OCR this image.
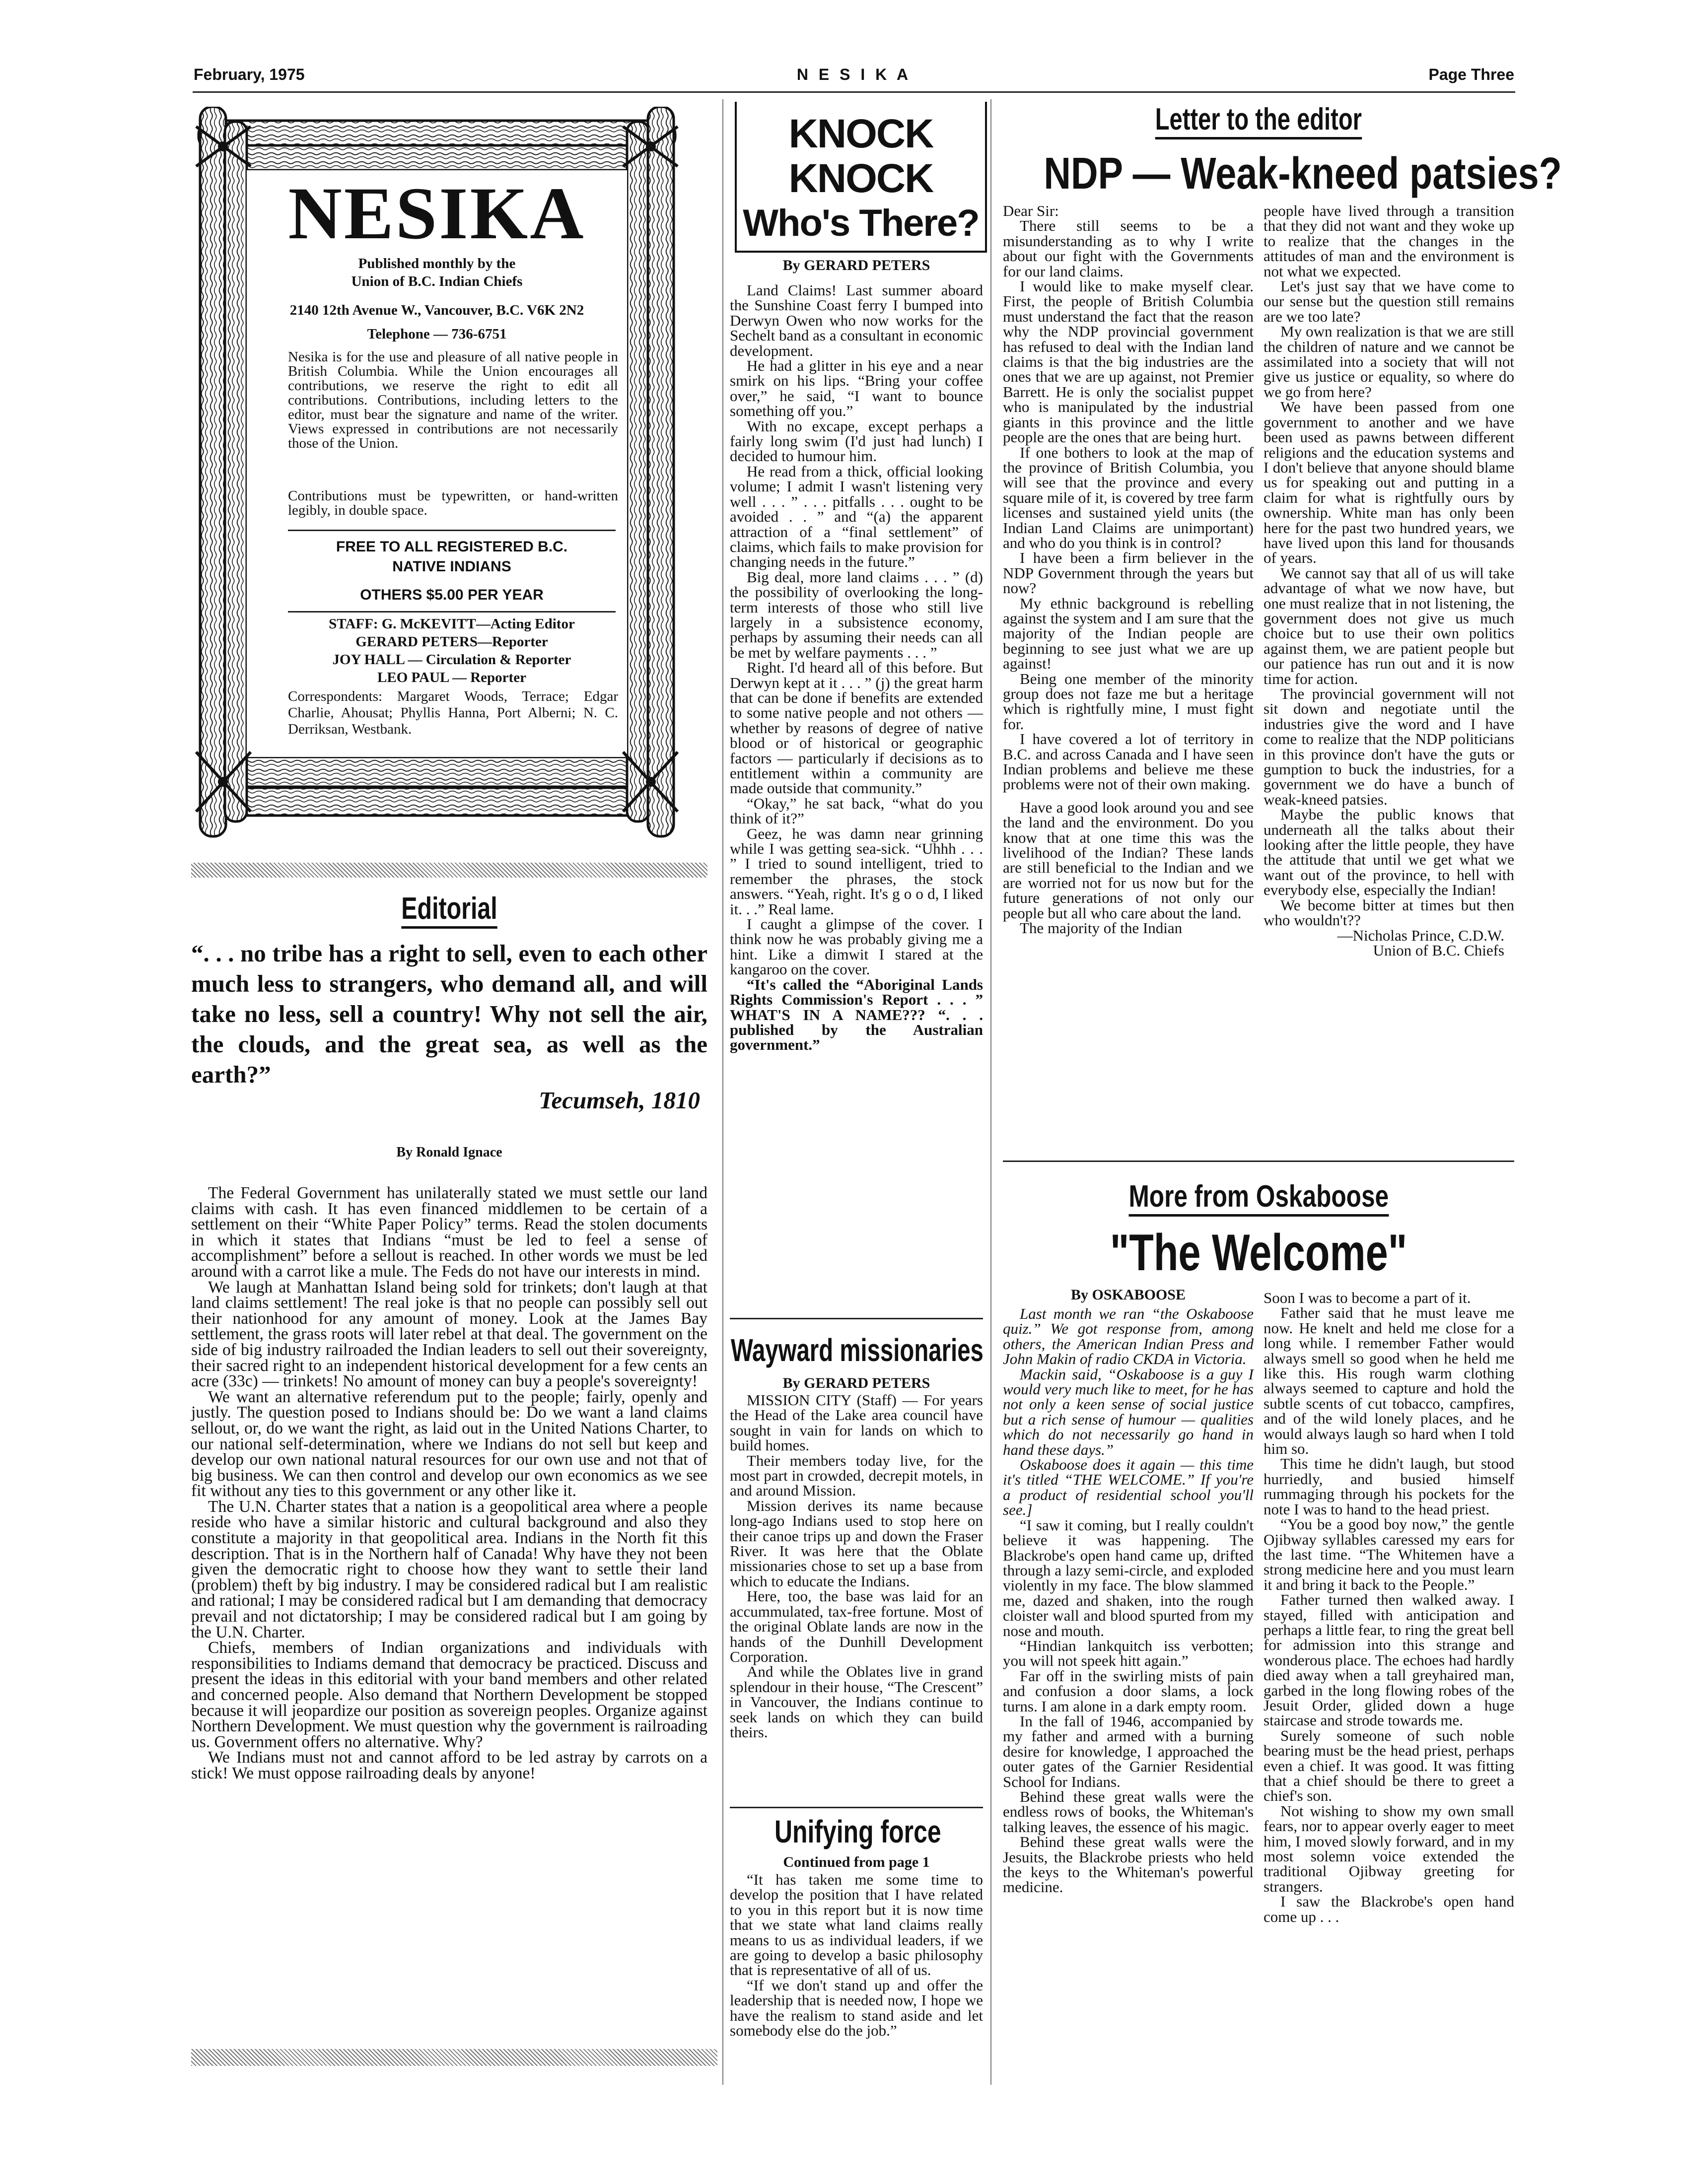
February, 1975	N E S I K A	Page Three
NESIKA
Published monthly by the
Union of B.C. Indian Chiefs
2140 12th Avenue W., Vancouver, B.C. V6K 2N2
Telephone — 736-6751
Nesika is for the use and pleasure of all native people in British Columbia. While the Union encourages all contributions, we reserve the right to edit all contributions. Contributions, including letters to the editor, must bear the signature and name of the writer. Views expressed in contributions are not necessarily those of the Union.
Contributions must be typewritten, or hand-written legibly, in double space.
FREE TO ALL REGISTERED B.C.
NATIVE INDIANS
OTHERS $5.00 PER YEAR
STAFF: G. McKEVITT—Acting Editor
GERARD PETERS—Reporter
JOY HALL — Circulation & Reporter
LEO PAUL — Reporter
Correspondents: Margaret Woods, Terrace; Edgar Charlie, Ahousat; Phyllis Hanna, Port Alberni; N. C. Derriksan, Westbank.
Editorial
“. . . no tribe has a right to sell, even to each other much less to strangers, who demand all, and will take no less, sell a country! Why not sell the air, the clouds, and the great sea, as well as the earth?”
Tecumseh, 1810
By Ronald Ignace

The Federal Government has unilaterally stated we must settle our land claims with cash. It has even financed middlemen to be certain of a settlement on their “White Paper Policy” terms. Read the stolen documents in which it states that Indians “must be led to feel a sense of accomplishment” before a sellout is reached. In other words we must be led around with a carrot like a mule. The Feds do not have our interests in mind.

We laugh at Manhattan Island being sold for trinkets; don't laugh at that land claims settlement! The real joke is that no people can possibly sell out their nationhood for any amount of money. Look at the James Bay settlement, the grass roots will later rebel at that deal. The government on the side of big industry railroaded the Indian leaders to sell out their sovereignty, their sacred right to an independent historical development for a few cents an acre (33c) — trinkets! No amount of money can buy a people's sovereignty!

We want an alternative referendum put to the people; fairly, openly and justly. The question posed to Indians should be: Do we want a land claims sellout, or, do we want the right, as laid out in the United Nations Charter, to our national self-determination, where we Indians do not sell but keep and develop our own national natural resources for our own use and not that of big business. We can then control and develop our own economics as we see fit without any ties to this government or any other like it.

The U.N. Charter states that a nation is a geopolitical area where a people reside who have a similar historic and cultural background and also they constitute a majority in that geopolitical area. Indians in the North fit this description. That is in the Northern half of Canada! Why have they not been given the democratic right to choose how they want to settle their land (problem) theft by big industry. I may be considered radical but I am realistic and rational; I may be considered radical but I am demanding that democracy prevail and not dictatorship; I may be considered radical but I am going by the U.N. Charter.

Chiefs, members of Indian organizations and individuals with responsibilities to Indiams demand that democracy be practiced. Discuss and present the ideas in this editorial with your band members and other related and concerned people. Also demand that Northern Development be stopped because it will jeopardize our position as sovereign peoples. Organize against Northern Development. We must question why the government is railroading us. Government offers no alternative. Why?

We Indians must not and cannot afford to be led astray by carrots on a stick! We must oppose railroading deals by anyone!

KNOCK
KNOCK
Who's There?
By GERARD PETERS

Land Claims! Last summer aboard the Sunshine Coast ferry I bumped into Derwyn Owen who now works for the Sechelt band as a consultant in economic development.

He had a glitter in his eye and a near smirk on his lips. “Bring your coffee over,” he said, “I want to bounce something off you.”

With no excape, except perhaps a fairly long swim (I'd just had lunch) I decided to humour him.

He read from a thick, official looking volume; I admit I wasn't listening very well . . . ” . . . pitfalls . . . ought to be avoided . . ” and “(a) the apparent attraction of a “final settlement” of claims, which fails to make provision for changing needs in the future.”

Big deal, more land claims . . . ” (d) the possibility of overlooking the long-term interests of those who still live largely in a subsistence economy, perhaps by assuming their needs can all be met by welfare payments . . . ”

Right. I'd heard all of this before. But Derwyn kept at it . . . ” (j) the great harm that can be done if benefits are extended to some native people and not others — whether by reasons of degree of native blood or of historical or geographic factors — particularly if decisions as to entitlement within a community are made outside that community.”

“Okay,” he sat back, “what do you think of it?”

Geez, he was damn near grinning while I was getting sea-sick. “Uhhh . . . ” I tried to sound intelligent, tried to remember the phrases, the stock answers. “Yeah, right. It's g o o d, I liked it. . .” Real lame.

I caught a glimpse of the cover. I think now he was probably giving me a hint. Like a dimwit I stared at the kangaroo on the cover.

“It's called the “Aboriginal Lands Rights Commission's Report . . . ” WHAT'S IN A NAME??? “. . . published by the Australian government.”

Wayward missionaries
By GERARD PETERS

MISSION CITY (Staff) — For years the Head of the Lake area council have sought in vain for lands on which to build homes.

Their members today live, for the most part in crowded, decrepit motels, in and around Mission.

Mission derives its name because long-ago Indians used to stop here on their canoe trips up and down the Fraser River. It was here that the Oblate missionaries chose to set up a base from which to educate the Indians.

Here, too, the base was laid for an accummulated, tax-free fortune. Most of the original Oblate lands are now in the hands of the Dunhill Development Corporation.

And while the Oblates live in grand splendour in their house, “The Crescent” in Vancouver, the Indians continue to seek lands on which they can build theirs.

Unifying force
Continued from page 1

“It has taken me some time to develop the position that I have related to you in this report but it is now time that we state what land claims really means to us as individual leaders, if we are going to develop a basic philosophy that is representative of all of us.

“If we don't stand up and offer the leadership that is needed now, I hope we have the realism to stand aside and let somebody else do the job.”

Letter to the editor
NDP — Weak-kneed patsies?

Dear Sir:

There still seems to be a misunderstanding as to why I write about our fight with the Governments for our land claims.

I would like to make myself clear. First, the people of British Columbia must understand the fact that the reason why the NDP provincial government has refused to deal with the Indian land claims is that the big industries are the ones that we are up against, not Premier Barrett. He is only the socialist puppet who is manipulated by the industrial giants in this province and the little people are the ones that are being hurt.

If one bothers to look at the map of the province of British Columbia, you will see that the province and every square mile of it, is covered by tree farm licenses and sustained yield units (the Indian Land Claims are unimportant) and who do you think is in control?

I have been a firm believer in the NDP Government through the years but now?

My ethnic background is rebelling against the system and I am sure that the majority of the Indian people are beginning to see just what we are up against!

Being one member of the minority group does not faze me but a heritage which is rightfully mine, I must fight for.

I have covered a lot of territory in B.C. and across Canada and I have seen Indian problems and believe me these problems were not of their own making.

Have a good look around you and see the land and the environment. Do you know that at one time this was the livelihood of the Indian? These lands are still beneficial to the Indian and we are worried not for us now but for the future generations of not only our people but all who care about the land.

The majority of the Indian

people have lived through a transition that they did not want and they woke up to realize that the changes in the attitudes of man and the environment is not what we expected.

Let's just say that we have come to our sense but the question still remains are we too late?

My own realization is that we are still the children of nature and we cannot be assimilated into a society that will not give us justice or equality, so where do we go from here?

We have been passed from one government to another and we have been used as pawns between different religions and the education systems and I don't believe that anyone should blame us for speaking out and putting in a claim for what is rightfully ours by ownership. White man has only been here for the past two hundred years, we have lived upon this land for thousands of years.

We cannot say that all of us will take advantage of what we now have, but one must realize that in not listening, the government does not give us much choice but to use their own politics against them, we are patient people but our patience has run out and it is now time for action.

The provincial government will not sit down and negotiate until the industries give the word and I have come to realize that the NDP politicians in this province don't have the guts or gumption to buck the industries, for a government we do have a bunch of weak-kneed patsies.

Maybe the public knows that underneath all the talks about their looking after the little people, they have the attitude that until we get what we want out of the province, to hell with everybody else, especially the Indian!

We become bitter at times but then who wouldn't??

—Nicholas Prince, C.D.W.
Union of B.C. Chiefs
More from Oskaboose
"The Welcome"
By OSKABOOSE

Last month we ran “the Oskaboose quiz.” We got response from, among others, the American Indian Press and John Makin of radio CKDA in Victoria.

Mackin said, “Oskaboose is a guy I would very much like to meet, for he has not only a keen sense of social justice but a rich sense of humour — qualities which do not necessarily go hand in hand these days.”

Oskaboose does it again — this time it's titled “THE WELCOME.” If you're a product of residential school you'll see.]

“I saw it coming, but I really couldn't believe it was happening. The Blackrobe's open hand came up, drifted through a lazy semi-circle, and exploded violently in my face. The blow slammed me, dazed and shaken, into the rough cloister wall and blood spurted from my nose and mouth.

“Hindian lankquitch iss verbotten; you will not speek hitt again.”

Far off in the swirling mists of pain and confusion a door slams, a lock turns. I am alone in a dark empty room.

In the fall of 1946, accompanied by my father and armed with a burning desire for knowledge, I approached the outer gates of the Garnier Residential School for Indians.

Behind these great walls were the endless rows of books, the Whiteman's talking leaves, the essence of his magic.

Behind these great walls were the Jesuits, the Blackrobe priests who held the keys to the Whiteman's powerful medicine.

Soon I was to become a part of it.

Father said that he must leave me now. He knelt and held me close for a long while. I remember Father would always smell so good when he held me like this. His rough warm clothing always seemed to capture and hold the subtle scents of cut tobacco, campfires, and of the wild lonely places, and he would always laugh so hard when I told him so.

This time he didn't laugh, but stood hurriedly, and busied himself rummaging through his pockets for the note I was to hand to the head priest.

“You be a good boy now,” the gentle Ojibway syllables caressed my ears for the last time. “The Whitemen have a strong medicine here and you must learn it and bring it back to the People.”

Father turned then walked away. I stayed, filled with anticipation and perhaps a little fear, to ring the great bell for admission into this strange and wonderous place. The echoes had hardly died away when a tall greyhaired man, garbed in the long flowing robes of the Jesuit Order, glided down a huge staircase and strode towards me.

Surely someone of such noble bearing must be the head priest, perhaps even a chief. It was good. It was fitting that a chief should be there to greet a chief's son.

Not wishing to show my own small fears, nor to appear overly eager to meet him, I moved slowly forward, and in my most solemn voice extended the traditional Ojibway greeting for strangers.

I saw the Blackrobe's open hand come up . . .
